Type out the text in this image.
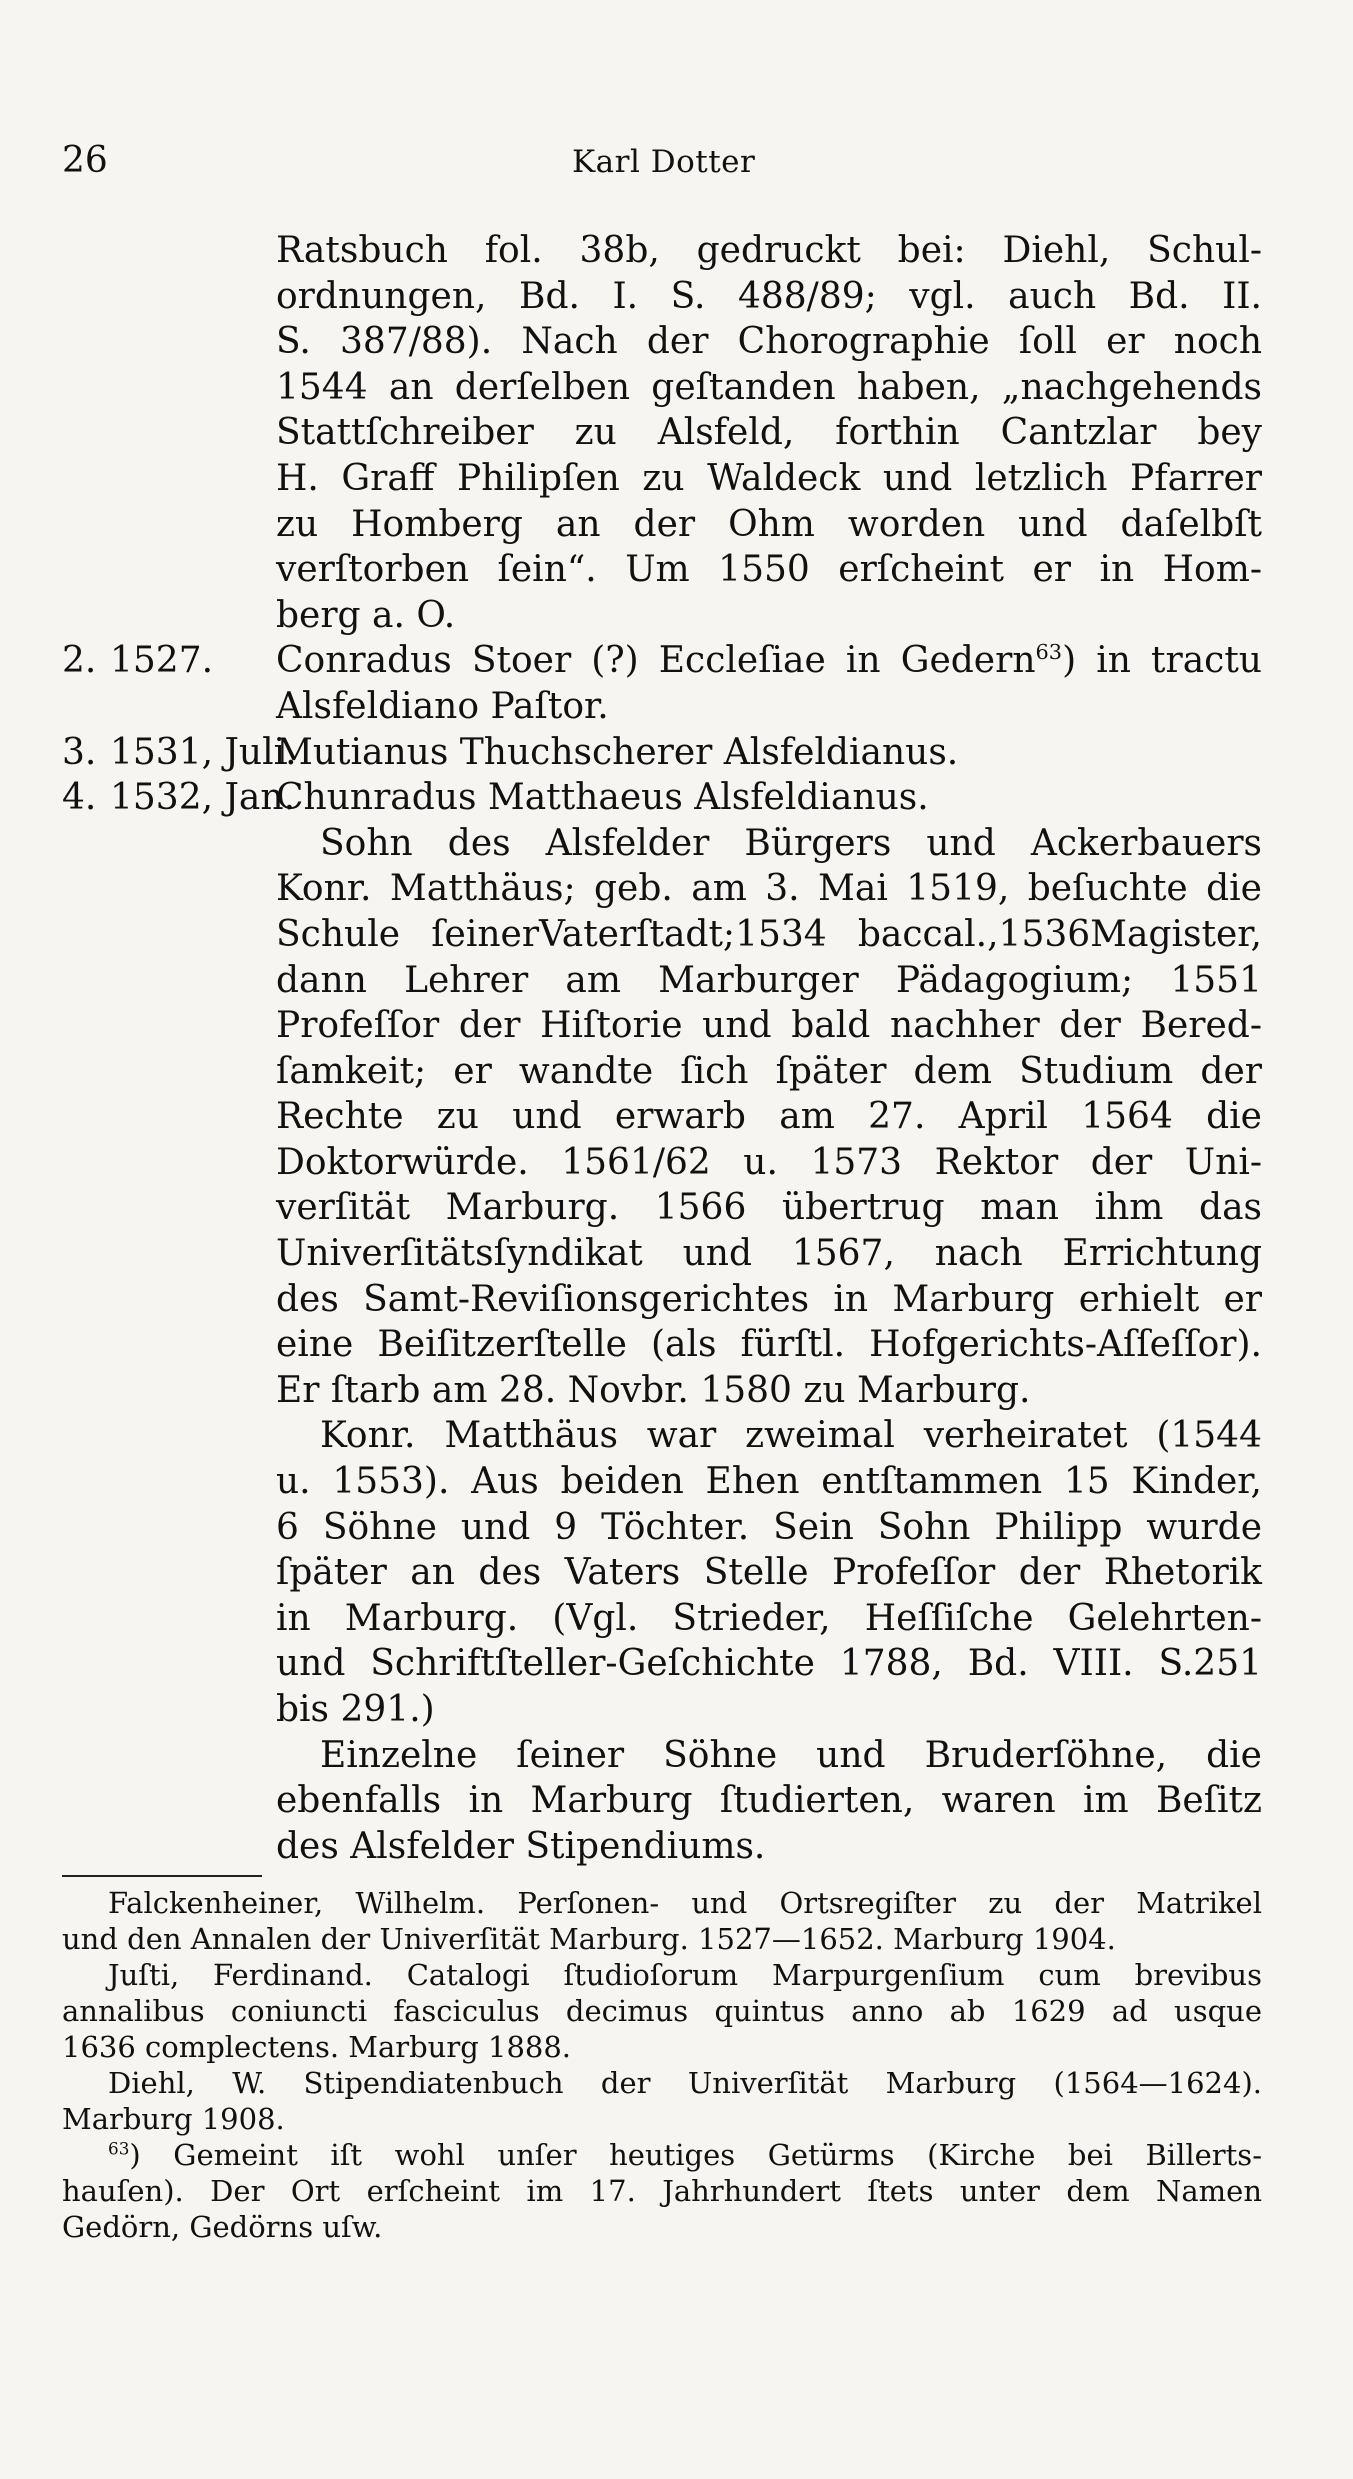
26	Karl Dotter
Ratsbuch fol. 38b, gedruckt bei: Diehl, Schul-
ordnungen, Bd. I. S. 488/89; vgl. auch Bd. II.
S. 387/88). Nach der Chorographie ſoll er noch
1544 an derſelben geſtanden haben, „nachgehends
Stattſchreiber zu Alsfeld, forthin Cantzlar bey
H. Graff Philipſen zu Waldeck und letzlich Pfarrer
zu Homberg an der Ohm worden und daſelbſt
verſtorben ſein“. Um 1550 erſcheint er in Hom-
berg a. O.
2. 1527.	Conradus Stoer (?) Eccleſiae in Gedern$^{63}$) in tractu
Alsfeldiano Paſtor.
3. 1531, Juli.
Mutianus Thuchscherer Alsfeldianus.
4. 1532, Jan.
Chunradus Matthaeus Alsfeldianus.
Sohn des Alsfelder Bürgers und Ackerbauers
Konr. Matthäus; geb. am 3. Mai 1519, beſuchte die
Schule ſeinerVaterſtadt;1534 baccal.,1536Magister,
dann Lehrer am Marburger Pädagogium; 1551
Profeſſor der Hiſtorie und bald nachher der Bered-
ſamkeit; er wandte ſich ſpäter dem Studium der
Rechte zu und erwarb am 27. April 1564 die
Doktorwürde. 1561/62 u. 1573 Rektor der Uni-
verſität Marburg. 1566 übertrug man ihm das
Univerſitätsſyndikat und 1567, nach Errichtung
des Samt-Reviſionsgerichtes in Marburg erhielt er
eine Beiſitzerſtelle (als fürſtl. Hofgerichts-Aſſeſſor).
Er ſtarb am 28. Novbr. 1580 zu Marburg.
Konr. Matthäus war zweimal verheiratet (1544
u. 1553). Aus beiden Ehen entſtammen 15 Kinder,
6 Söhne und 9 Töchter. Sein Sohn Philipp wurde
ſpäter an des Vaters Stelle Profeſſor der Rhetorik
in Marburg. (Vgl. Strieder, Heſſiſche Gelehrten-
und Schriftſteller-Geſchichte 1788, Bd. VIII. S.251
bis 291.)
Einzelne ſeiner Söhne und Bruderſöhne, die
ebenfalls in Marburg ſtudierten, waren im Beſitz
des Alsfelder Stipendiums.
Falckenheiner, Wilhelm. Perſonen- und Ortsregiſter zu der Matrikel
und den Annalen der Univerſität Marburg. 1527—1652. Marburg 1904.
Juſti, Ferdinand. Catalogi ſtudioſorum Marpurgenſium cum brevibus
annalibus coniuncti fasciculus decimus quintus anno ab 1629 ad usque
1636 complectens. Marburg 1888.
Diehl, W. Stipendiatenbuch der Univerſität Marburg (1564—1624).
Marburg 1908.
$^{63}$) Gemeint iſt wohl unſer heutiges Getürms (Kirche bei Billerts-
hauſen). Der Ort erſcheint im 17. Jahrhundert ſtets unter dem Namen
Gedörn, Gedörns uſw.
